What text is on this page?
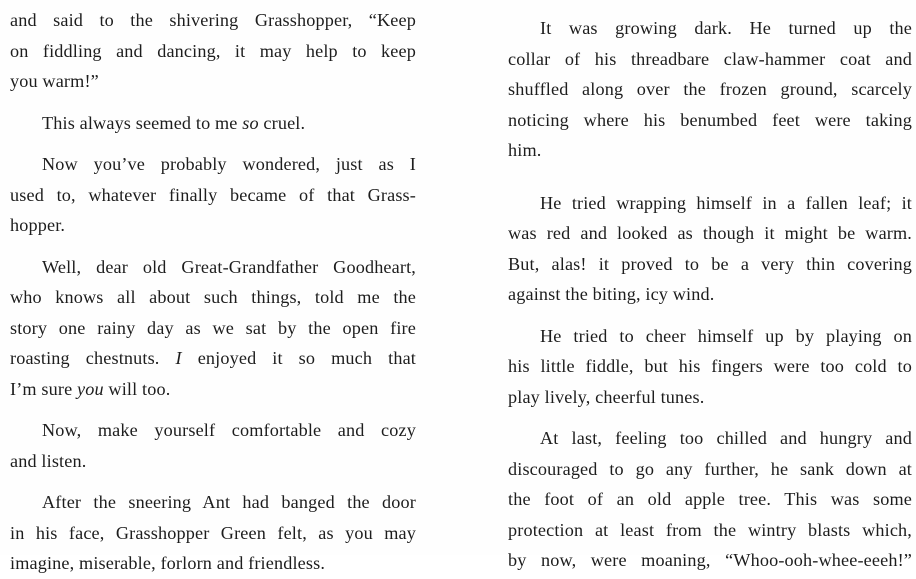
and said to the shivering Grasshopper, “Keep
on fiddling and dancing, it may help to keep
you warm!”
This always seemed to me so cruel.
Now you’ve probably wondered, just as I
used to, whatever finally became of that Grass-
hopper.
Well, dear old Great-Grandfather Goodheart,
who knows all about such things, told me the
story one rainy day as we sat by the open fire
roasting chestnuts. I enjoyed it so much that
I’m sure you will too.
Now, make yourself comfortable and cozy
and listen.
After the sneering Ant had banged the door
in his face, Grasshopper Green felt, as you may
imagine, miserable, forlorn and friendless.
It was growing dark. He turned up the
collar of his threadbare claw-hammer coat and
shuffled along over the frozen ground, scarcely
noticing where his benumbed feet were taking
him.
He tried wrapping himself in a fallen leaf; it
was red and looked as though it might be warm.
But, alas! it proved to be a very thin covering
against the biting, icy wind.
He tried to cheer himself up by playing on
his little fiddle, but his fingers were too cold to
play lively, cheerful tunes.
At last, feeling too chilled and hungry and
discouraged to go any further, he sank down at
the foot of an old apple tree. This was some
protection at least from the wintry blasts which,
by now, were moaning, “Whoo-ooh-whee-eeeh!”
